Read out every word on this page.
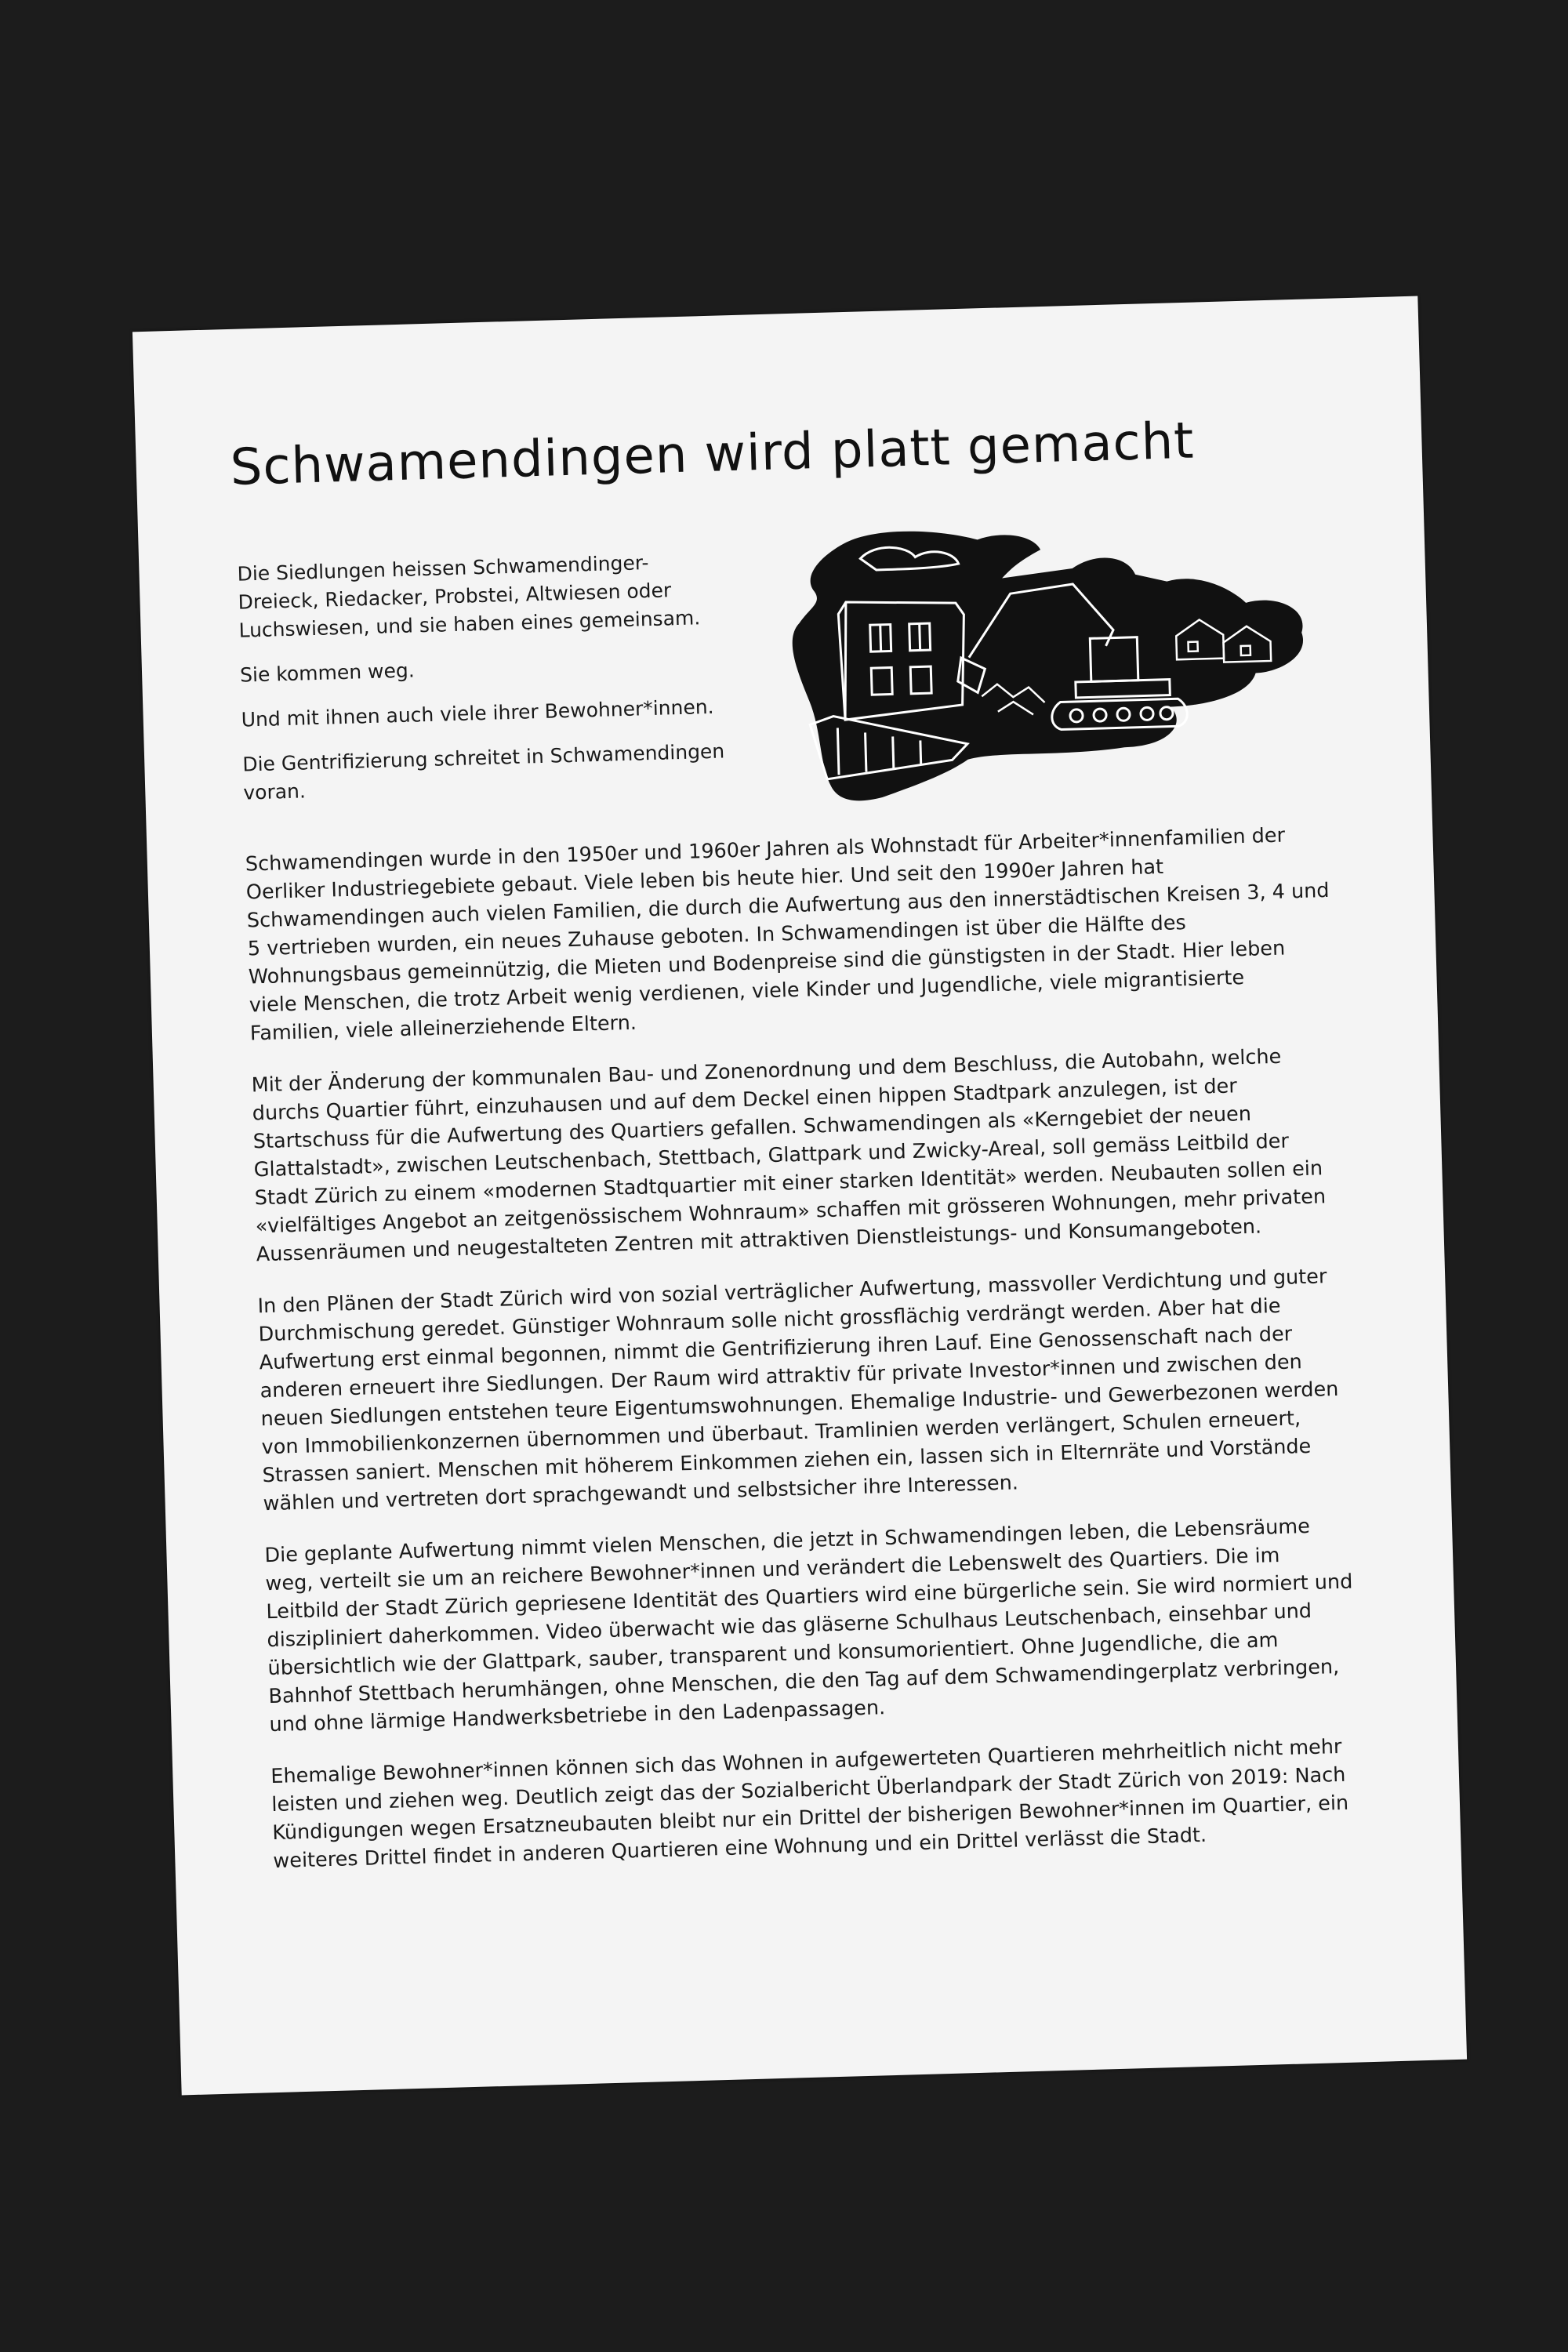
Schwamendingen wird platt gemacht

Die Siedlungen heissen Schwamendinger-Dreieck, Riedacker, Probstei, Altwiesen oder Luchswiesen, und sie haben eines gemeinsam.

Sie kommen weg.

Und mit ihnen auch viele ihrer Bewohner*innen.

Die Gentrifizierung schreitet in Schwamendingen voran.

Schwamendingen wurde in den 1950er und 1960er Jahren als Wohnstadt für Arbeiter*innenfamilien der Oerliker Industriegebiete gebaut. Viele leben bis heute hier. Und seit den 1990er Jahren hat Schwamendingen auch vielen Familien, die durch die Aufwertung aus den innerstädtischen Kreisen 3, 4 und 5 vertrieben wurden, ein neues Zuhause geboten. In Schwamendingen ist über die Hälfte des Wohnungsbaus gemeinnützig, die Mieten und Bodenpreise sind die günstigsten in der Stadt. Hier leben viele Menschen, die trotz Arbeit wenig verdienen, viele Kinder und Jugendliche, viele migrantisierte Familien, viele alleinerziehende Eltern.

Mit der Änderung der kommunalen Bau- und Zonenordnung und dem Beschluss, die Autobahn, welche durchs Quartier führt, einzuhausen und auf dem Deckel einen hippen Stadtpark anzulegen, ist der Startschuss für die Aufwertung des Quartiers gefallen. Schwamendingen als «Kerngebiet der neuen Glattalstadt», zwischen Leutschenbach, Stettbach, Glattpark und Zwicky-Areal, soll gemäss Leitbild der Stadt Zürich zu einem «modernen Stadtquartier mit einer starken Identität» werden. Neubauten sollen ein «vielfältiges Angebot an zeitgenössischem Wohnraum» schaffen mit grösseren Wohnungen, mehr privaten Aussenräumen und neugestalteten Zentren mit attraktiven Dienstleistungs- und Konsumangeboten.

In den Plänen der Stadt Zürich wird von sozial verträglicher Aufwertung, massvoller Verdichtung und guter Durchmischung geredet. Günstiger Wohnraum solle nicht grossflächig verdrängt werden. Aber hat die Aufwertung erst einmal begonnen, nimmt die Gentrifizierung ihren Lauf. Eine Genossenschaft nach der anderen erneuert ihre Siedlungen. Der Raum wird attraktiv für private Investor*innen und zwischen den neuen Siedlungen entstehen teure Eigentumswohnungen. Ehemalige Industrie- und Gewerbezonen werden von Immobilienkonzernen übernommen und überbaut. Tramlinien werden verlängert, Schulen erneuert, Strassen saniert. Menschen mit höherem Einkommen ziehen ein, lassen sich in Elternräte und Vorstände wählen und vertreten dort sprachgewandt und selbstsicher ihre Interessen.

Die geplante Aufwertung nimmt vielen Menschen, die jetzt in Schwamendingen leben, die Lebensräume weg, verteilt sie um an reichere Bewohner*innen und verändert die Lebenswelt des Quartiers. Die im Leitbild der Stadt Zürich gepriesene Identität des Quartiers wird eine bürgerliche sein. Sie wird normiert und diszipliniert daherkommen. Video überwacht wie das gläserne Schulhaus Leutschenbach, einsehbar und übersichtlich wie der Glattpark, sauber, transparent und konsumorientiert. Ohne Jugendliche, die am Bahnhof Stettbach herumhängen, ohne Menschen, die den Tag auf dem Schwamendingerplatz verbringen, und ohne lärmige Handwerksbetriebe in den Ladenpassagen.

Ehemalige Bewohner*innen können sich das Wohnen in aufgewerteten Quartieren mehrheitlich nicht mehr leisten und ziehen weg. Deutlich zeigt das der Sozialbericht Überlandpark der Stadt Zürich von 2019: Nach Kündigungen wegen Ersatzneubauten bleibt nur ein Drittel der bisherigen Bewohner*innen im Quartier, ein weiteres Drittel findet in anderen Quartieren eine Wohnung und ein Drittel verlässt die Stadt.
